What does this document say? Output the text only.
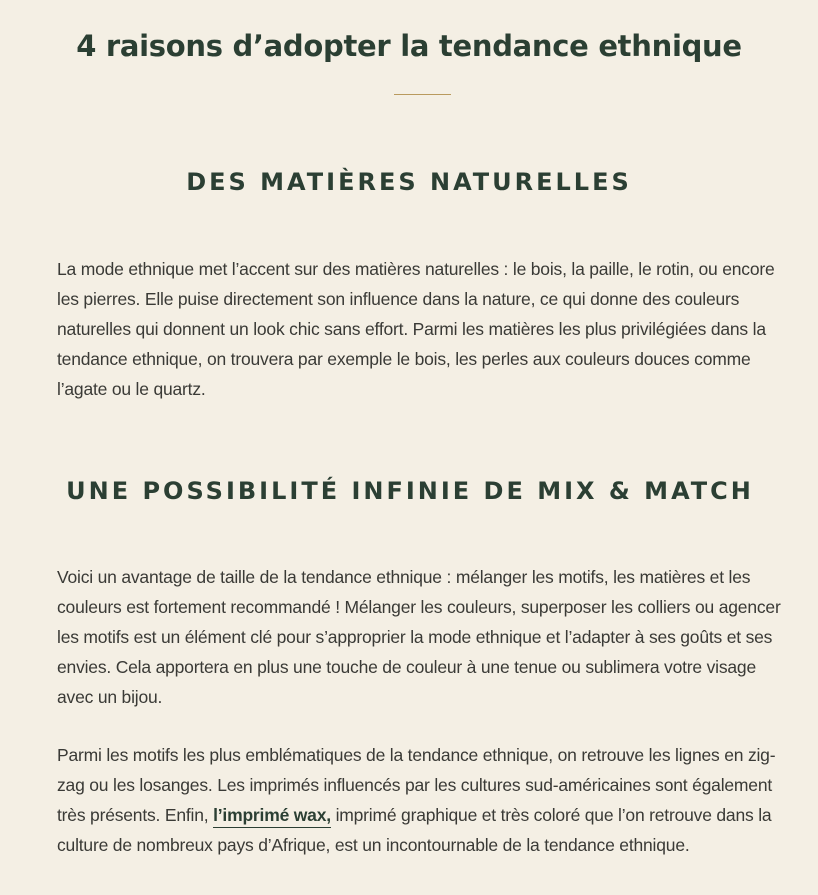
4 raisons d’adopter la tendance ethnique
DES MATIÈRES NATURELLES

La mode ethnique met l’accent sur des matières naturelles : le bois, la paille, le rotin, ou encore les pierres. Elle puise directement son influence dans la nature, ce qui donne des couleurs naturelles qui donnent un look chic sans effort. Parmi les matières les plus privilégiées dans la tendance ethnique, on trouvera par exemple le bois, les perles aux couleurs douces comme l’agate ou le quartz.

UNE POSSIBILITÉ INFINIE DE MIX & MATCH

Voici un avantage de taille de la tendance ethnique : mélanger les motifs, les matières et les couleurs est fortement recommandé ! Mélanger les couleurs, superposer les colliers ou agencer les motifs est un élément clé pour s’approprier la mode ethnique et l’adapter à ses goûts et ses envies. Cela apportera en plus une touche de couleur à une tenue ou sublimera votre visage avec un bijou.

Parmi les motifs les plus emblématiques de la tendance ethnique, on retrouve les lignes en zig-zag ou les losanges. Les imprimés influencés par les cultures sud-américaines sont également très présents. Enfin, l’imprimé wax, imprimé graphique et très coloré que l’on retrouve dans la culture de nombreux pays d’Afrique, est un incontournable de la tendance ethnique.
